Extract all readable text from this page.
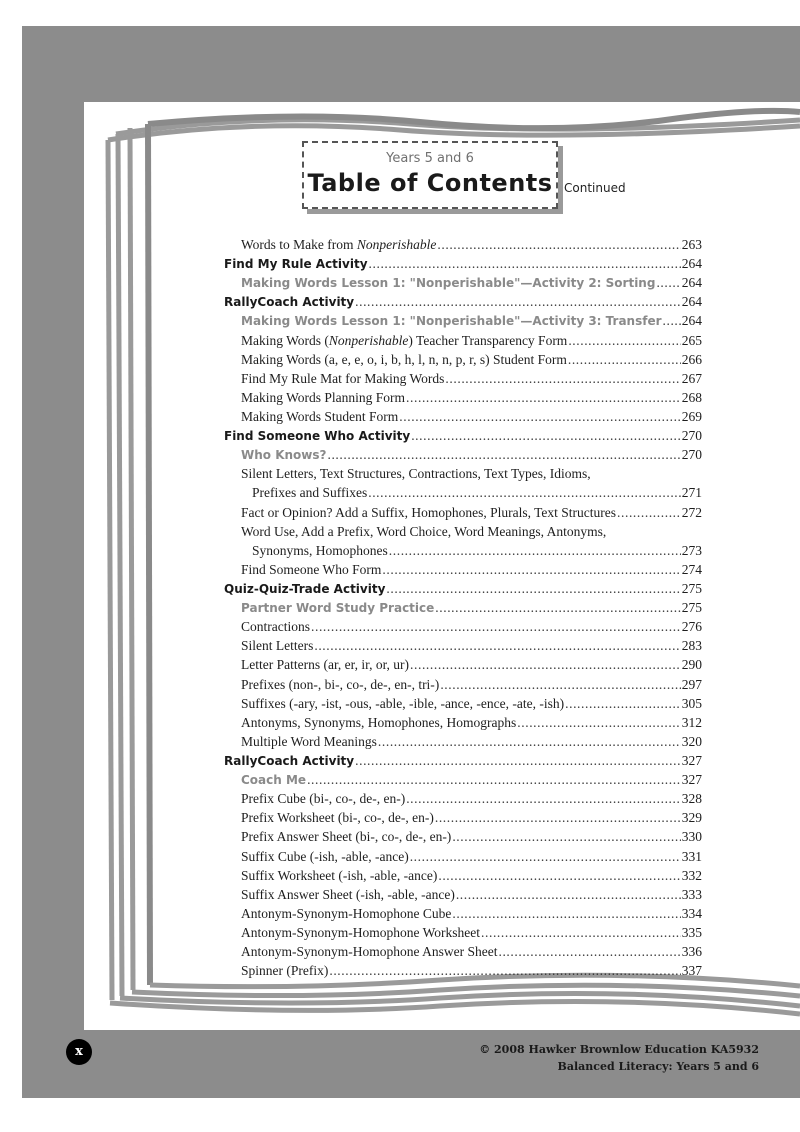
Years 5 and 6
Table of Contents Continued
Words to Make from Nonperishable .....	263
Find My Rule Activity .....	264
Making Words Lesson 1: "Nonperishable"—Activity 2: Sorting ..... 264
RallyCoach Activity .....	264
Making Words Lesson 1: "Nonperishable"—Activity 3: Transfer ..... 264
Making Words (Nonperishable) Teacher Transparency Form .....	265
Making Words (a, e, e, o, i, b, h, l, n, n, p, r, s) Student Form .....	266
Find My Rule Mat for Making Words .....	267
Making Words Planning Form .....	268
Making Words Student Form .....	269
Find Someone Who Activity .....	270
Who Knows? .....	270
Silent Letters, Text Structures, Contractions, Text Types, Idioms,
Prefixes and Suffixes .....	271
Fact or Opinion? Add a Suffix, Homophones, Plurals, Text Structures .....	272
Word Use, Add a Prefix, Word Choice, Word Meanings, Antonyms,
Synonyms, Homophones .....	273
Find Someone Who Form .....	274
Quiz-Quiz-Trade Activity .....	275
Partner Word Study Practice .....	275
Contractions .....	276
Silent Letters .....	283
Letter Patterns (ar, er, ir, or, ur) .....	290
Prefixes (non-, bi-, co-, de-, en-, tri-) .....	297
Suffixes (-ary, -ist, -ous, -able, -ible, -ance, -ence, -ate, -ish) .....	305
Antonyms, Synonyms, Homophones, Homographs .....	312
Multiple Word Meanings .....	320
RallyCoach Activity .....	327
Coach Me .....	327
Prefix Cube (bi-, co-, de-, en-) .....	328
Prefix Worksheet (bi-, co-, de-, en-) .....	329
Prefix Answer Sheet (bi-, co-, de-, en-) .....	330
Suffix Cube (-ish, -able, -ance) .....	331
Suffix Worksheet (-ish, -able, -ance) .....	332
Suffix Answer Sheet (-ish, -able, -ance) .....	333
Antonym-Synonym-Homophone Cube .....	334
Antonym-Synonym-Homophone Worksheet .....	335
Antonym-Synonym-Homophone Answer Sheet .....	336
Spinner (Prefix) .....	337
x	© 2008 Hawker Brownlow Education KA5932
Balanced Literacy: Years 5 and 6
